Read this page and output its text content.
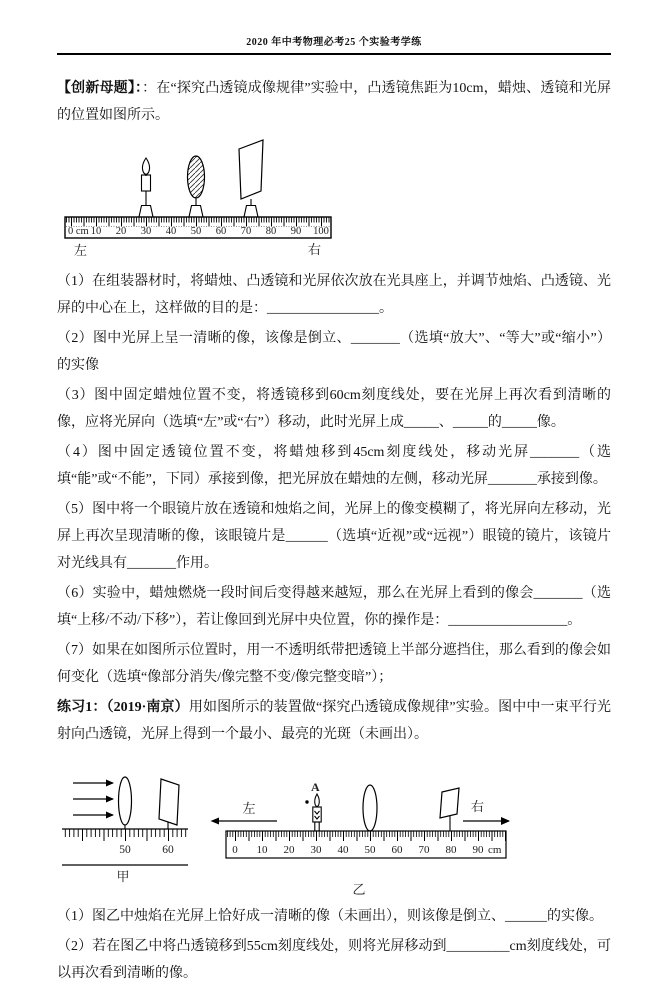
2020 年中考物理必考25 个实验考学练

【创新母题】：：在“探究凸透镜成像规律”实验中，凸透镜焦距为10cm，蜡烛、透镜和光屏的位置如图所示。

0 cm 10 20 30 40 50 60 70 80 90 100
左	右

（1）在组装器材时，将蜡烛、凸透镜和光屏依次放在光具座上，并调节烛焰、凸透镜、光屏的中心在上，这样做的目的是：________________。

（2）图中光屏上呈一清晰的像，该像是倒立、_______（选填“放大”、“等大”或“缩小”）的实像

（3）图中固定蜡烛位置不变，将透镜移到60cm刻度线处，要在光屏上再次看到清晰的像，应将光屏向（选填“左”或“右”）移动，此时光屏上成_____、_____的_____像。

（4）图中固定透镜位置不变，将蜡烛移到45cm刻度线处，移动光屏_______（选填“能”或“不能”，下同）承接到像，把光屏放在蜡烛的左侧，移动光屏_______承接到像。

（5）图中将一个眼镜片放在透镜和烛焰之间，光屏上的像变模糊了，将光屏向左移动，光屏上再次呈现清晰的像，该眼镜片是______（选填“近视”或“远视”）眼镜的镜片，该镜片对光线具有_______作用。

（6）实验中，蜡烛燃烧一段时间后变得越来越短，那么在光屏上看到的像会_______（选填“上移/不动/下移”），若让像回到光屏中央位置，你的操作是：_________________。

（7）如果在如图所示位置时，用一不透明纸带把透镜上半部分遮挡住，那么看到的像会如何变化（选填“像部分消失/像完整不变/像完整变暗”）；

练习1：（2019·南京）用如图所示的装置做“探究凸透镜成像规律”实验。图中中一束平行光射向凸透镜，光屏上得到一个最小、最亮的光斑（未画出）。

50	60
甲
左
A
右
0 10 20 30 40 50 60 70 80 90 cm
乙

（1）图乙中烛焰在光屏上恰好成一清晰的像（未画出），则该像是倒立、______的实像。

（2）若在图乙中将凸透镜移到55cm刻度线处，则将光屏移动到_________cm刻度线处，可以再次看到清晰的像。
